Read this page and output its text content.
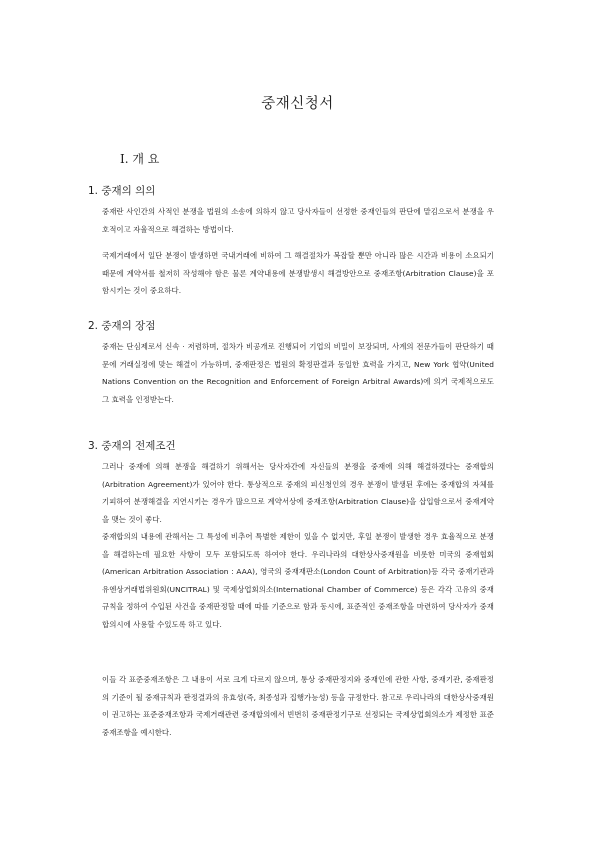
중재신청서
I. 개 요
1. 중재의 의의

중재란 사인간의 사적인 분쟁을 법원의 소송에 의하지 않고 당사자들이 선정한 중재인들의 판단에 맡김으로서 분쟁을 우호적이고 자율적으로 해결하는 방법이다.

국제거래에서 일단 분쟁이 발생하면 국내거래에 비하여 그 해결절차가 복잡할 뿐만 아니라 많은 시간과 비용이 소요되기 때문에 계약서를 철저히 작성해야 함은 물론 계약내용에 분쟁발생시 해결방안으로 중재조항(Arbitration Clause)을 포함시키는 것이 중요하다.

2. 중재의 장점

중재는 단심제로서 신속 · 저렴하며, 절차가 비공개로 진행되어 기업의 비밀이 보장되며, 사계의 전문가들이 판단하기 때문에 거래실정에 맞는 해결이 가능하며, 중재판정은 법원의 확정판결과 동일한 효력을 가지고, New York 협약(United Nations Convention on the Recognition and Enforcement of Foreign Arbitral Awards)에 의거 국제적으로도 그 효력을 인정받는다.

3. 중재의 전제조건

그러나 중재에 의해 분쟁을 해결하기 위해서는 당사자간에 자신들의 분쟁을 중재에 의해 해결하겠다는 중재합의(Arbitration Agreement)가 있어야 한다. 통상적으로 중재의 피신청인의 경우 분쟁이 발생된 후에는 중재합의 자체를 기피하여 분쟁해결을 지연시키는 경우가 많으므로 계약서상에 중재조항(Arbitration Clause)을 삽입함으로서 중재계약을 맺는 것이 좋다.

중재합의의 내용에 관해서는 그 특성에 비추어 특별한 제한이 있을 수 없지만, 후일 분쟁이 발생한 경우 효율적으로 분쟁을 해결하는데 필요한 사항이 모두 포함되도록 하여야 한다. 우리나라의 대한상사중재원을 비롯한 미국의 중재협회(American Arbitration Association : AAA), 영국의 중재재판소(London Count of Arbitration)등 각국 중재기관과 유엔상거래법위원회(UNCITRAL) 및 국제상업회의소(International Chamber of Commerce) 등은 각각 고유의 중재규칙을 정하여 수입된 사건을 중재판정할 때에 따를 기준으로 함과 동시에, 표준적인 중재조항을 마련하여 당사자가 중재합의시에 사용할 수있도록 하고 있다.

이들 각 표준중재조항은 그 내용이 서로 크게 다르지 않으며, 통상 중재판정지와 중재인에 관한 사항, 중재기관, 중재판정의 기준이 될 중재규칙과 판정결과의 유효성(즉, 최종성과 집행가능성) 등을 규정한다. 참고로 우리나라의 대한상사중재원이 권고하는 표준중재조항과 국제거래관련 중재합의에서 빈번히 중재판정기구로 선정되는 국제상업회의소가 제정한 표준중재조항을 예시한다.
